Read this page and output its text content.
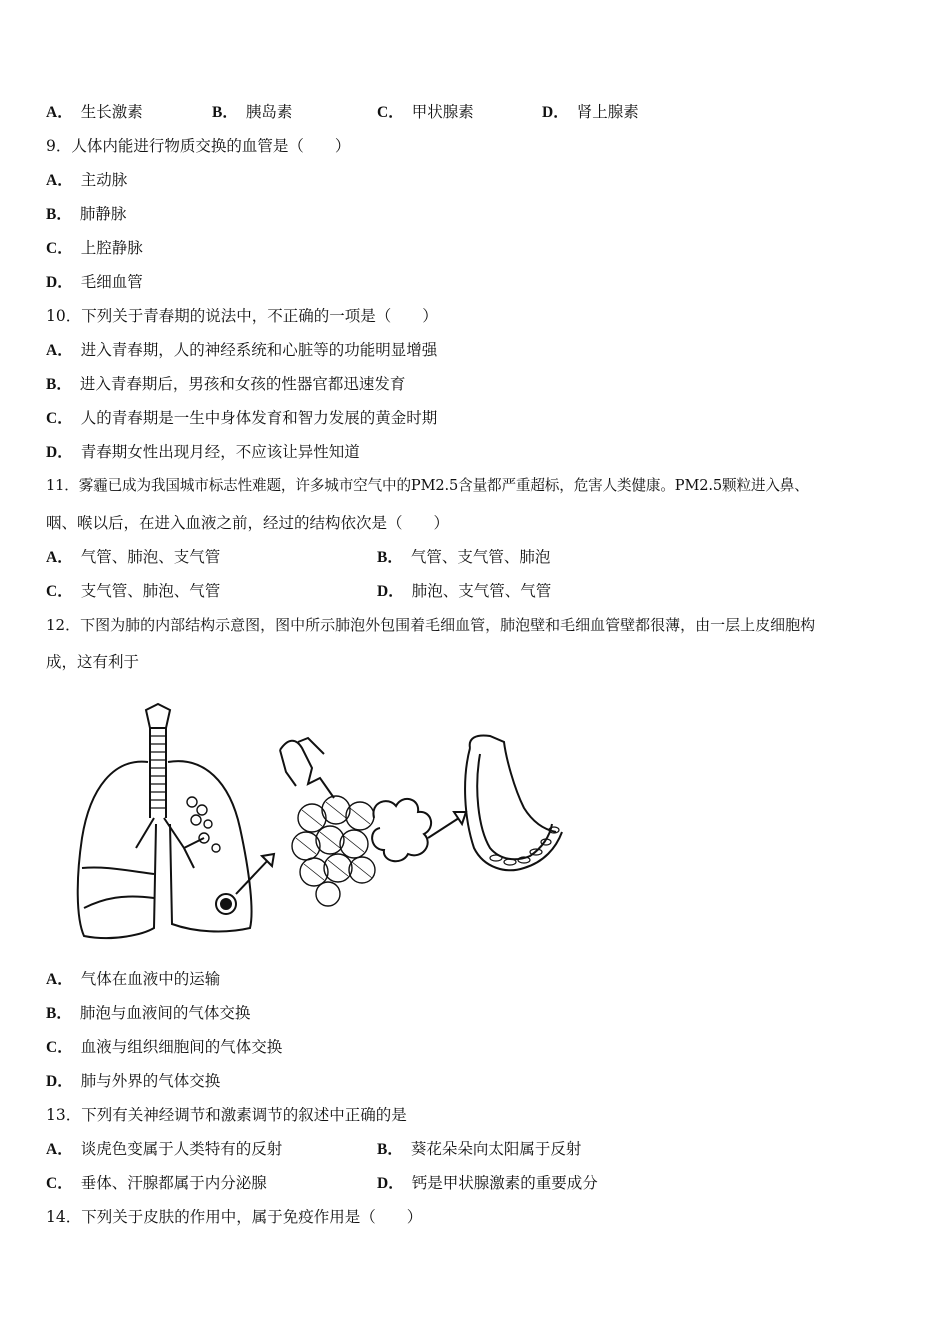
A． 生长激素	B． 胰岛素	C． 甲状腺素	D． 肾上腺素
9．人体内能进行物质交换的血管是（　　）
A． 主动脉
B． 肺静脉
C． 上腔静脉
D． 毛细血管
10．下列关于青春期的说法中，不正确的一项是（　　）
A． 进入青春期，人的神经系统和心脏等的功能明显增强
B． 进入青春期后，男孩和女孩的性器官都迅速发育
C． 人的青春期是一生中身体发育和智力发展的黄金时期
D． 青春期女性出现月经，不应该让异性知道
11．雾霾已成为我国城市标志性难题，许多城市空气中的PM2.5含量都严重超标，危害人类健康。PM2.5颗粒进入鼻、
咽、喉以后，在进入血液之前，经过的结构依次是（　　）
A． 气管、肺泡、支气管	B． 气管、支气管、肺泡
C． 支气管、肺泡、气管	D． 肺泡、支气管、气管
12．下图为肺的内部结构示意图，图中所示肺泡外包围着毛细血管，肺泡壁和毛细血管壁都很薄，由一层上皮细胞构
成，这有利于
A． 气体在血液中的运输
B． 肺泡与血液间的气体交换
C． 血液与组织细胞间的气体交换
D． 肺与外界的气体交换
13．下列有关神经调节和激素调节的叙述中正确的是
A． 谈虎色变属于人类特有的反射	B． 葵花朵朵向太阳属于反射
C． 垂体、汗腺都属于内分泌腺	D． 钙是甲状腺激素的重要成分
14．下列关于皮肤的作用中，属于免疫作用是（　　）
